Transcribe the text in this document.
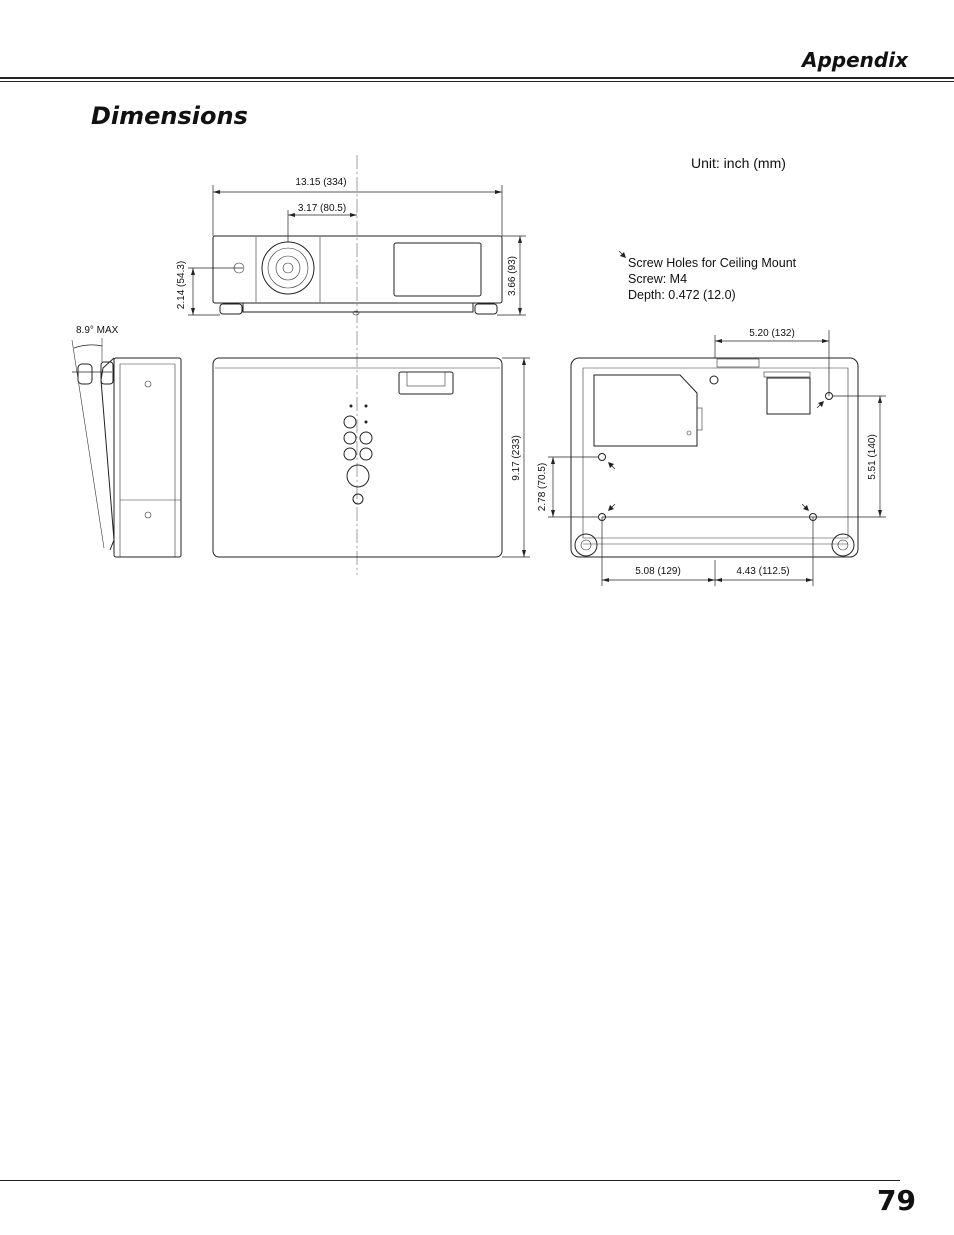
Appendix
Dimensions
Unit: inch (mm)
13.15 (334)
3.17 (80.5)
3.66 (93)
2.14 (54.3)
8.9° MAX
9.17 (233)
Screw Holes for Ceiling Mount
Screw: M4
Depth: 0.472 (12.0)
5.20 (132)
5.51 (140)
2.78 (70.5)
5.08 (129)	4.43 (112.5)
79
